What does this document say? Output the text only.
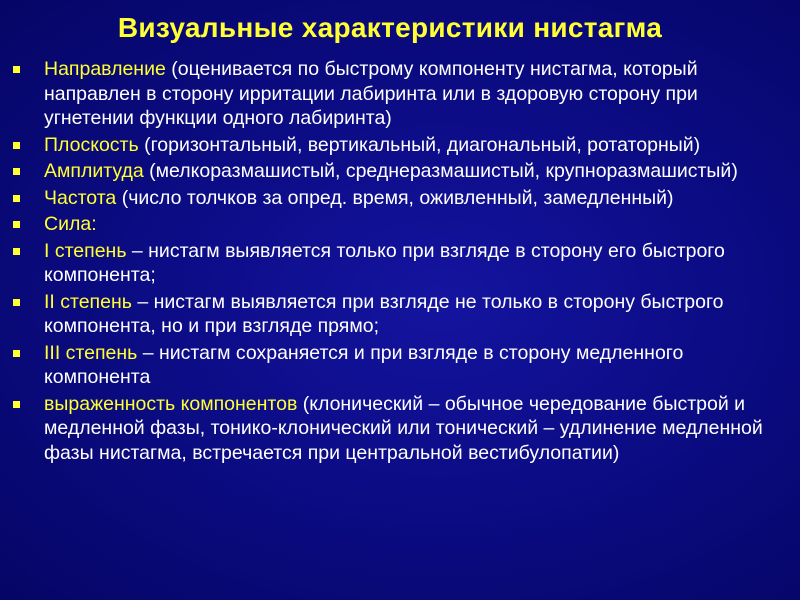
Визуальные характеристики нистагма
Направление (оценивается по быстрому компоненту нистагма, который направлен в сторону ирритации лабиринта или в здоровую сторону при угнетении функции одного лабиринта)
Плоскость (горизонтальный, вертикальный, диагональный, ротаторный)
Амплитуда (мелкоразмашистый, среднеразмашистый, крупноразмашистый)
Частота (число толчков за опред. время, оживленный, замедленный)
Сила:
I степень – нистагм выявляется только при взгляде в сторону его быстрого компонента;
II степень – нистагм выявляется при взгляде не только в сторону быстрого компонента, но и при взгляде прямо;
III степень – нистагм сохраняется и при взгляде в сторону медленного компонента
выраженность компонентов (клонический – обычное чередование быстрой и медленной фазы, тонико-клонический или тонический – удлинение медленной фазы нистагма, встречается при центральной вестибулопатии)
